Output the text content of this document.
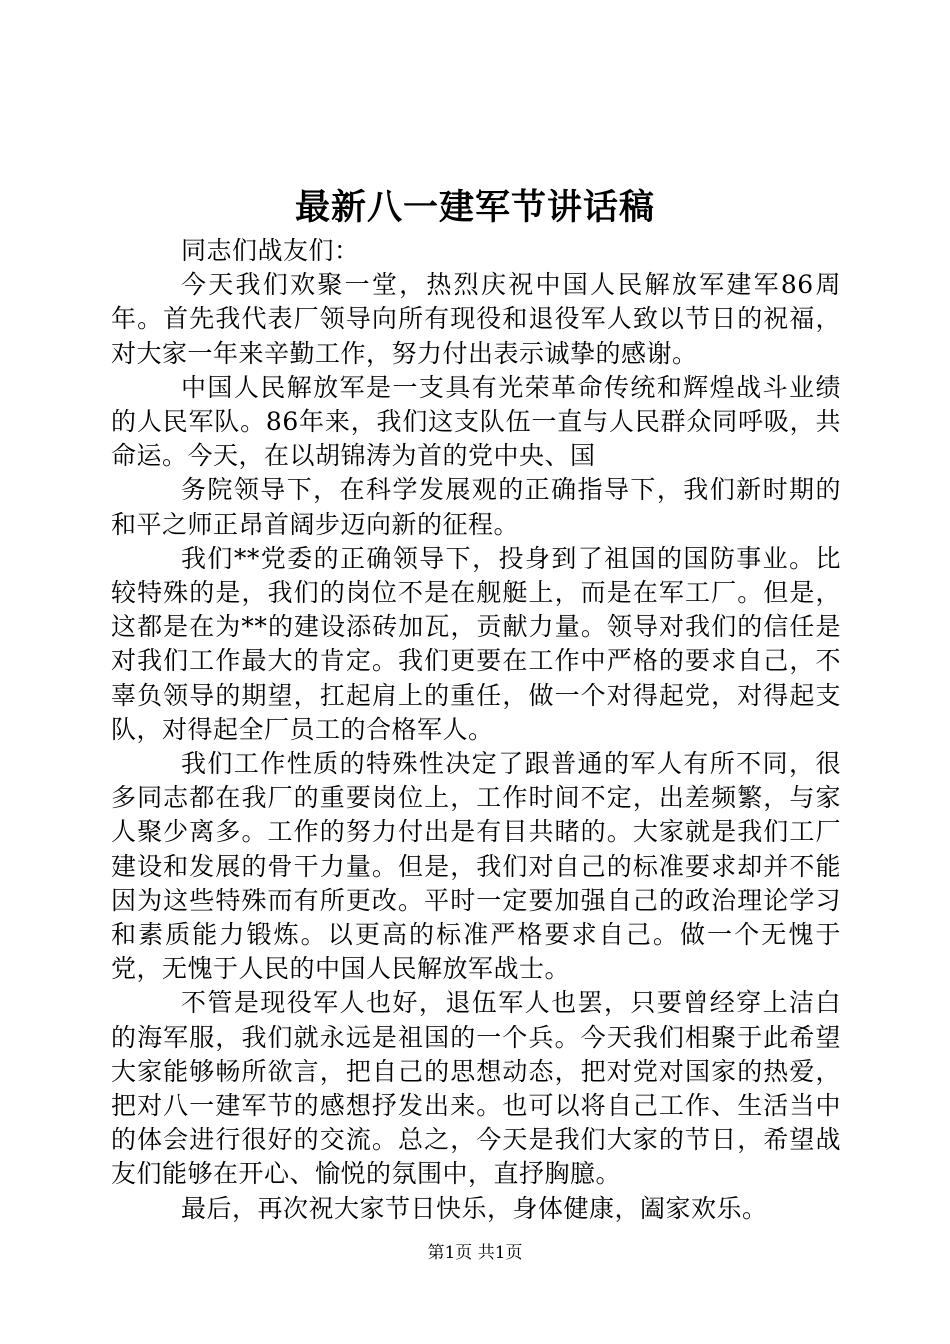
最新八一建军节讲话稿

同志们战友们：

今天我们欢聚一堂，热烈庆祝中国人民解放军建军86周年。首先我代表厂领导向所有现役和退役军人致以节日的祝福，对大家一年来辛勤工作，努力付出表示诚挚的感谢。

中国人民解放军是一支具有光荣革命传统和辉煌战斗业绩的人民军队。86年来，我们这支队伍一直与人民群众同呼吸，共命运。今天，在以胡锦涛为首的党中央、国

务院领导下，在科学发展观的正确指导下，我们新时期的和平之师正昂首阔步迈向新的征程。

我们**党委的正确领导下，投身到了祖国的国防事业。比较特殊的是，我们的岗位不是在舰艇上，而是在军工厂。但是，这都是在为**的建设添砖加瓦，贡献力量。领导对我们的信任是对我们工作最大的肯定。我们更要在工作中严格的要求自己，不辜负领导的期望，扛起肩上的重任，做一个对得起党，对得起支队，对得起全厂员工的合格军人。

我们工作性质的特殊性决定了跟普通的军人有所不同，很多同志都在我厂的重要岗位上，工作时间不定，出差频繁，与家人聚少离多。工作的努力付出是有目共睹的。大家就是我们工厂建设和发展的骨干力量。但是，我们对自己的标准要求却并不能因为这些特殊而有所更改。平时一定要加强自己的政治理论学习和素质能力锻炼。以更高的标准严格要求自己。做一个无愧于党，无愧于人民的中国人民解放军战士。

不管是现役军人也好，退伍军人也罢，只要曾经穿上洁白的海军服，我们就永远是祖国的一个兵。今天我们相聚于此希望大家能够畅所欲言，把自己的思想动态，把对党对国家的热爱，把对八一建军节的感想抒发出来。也可以将自己工作、生活当中的体会进行很好的交流。总之，今天是我们大家的节日，希望战友们能够在开心、愉悦的氛围中，直抒胸臆。

最后，再次祝大家节日快乐，身体健康，阖家欢乐。

第1页 共1页
